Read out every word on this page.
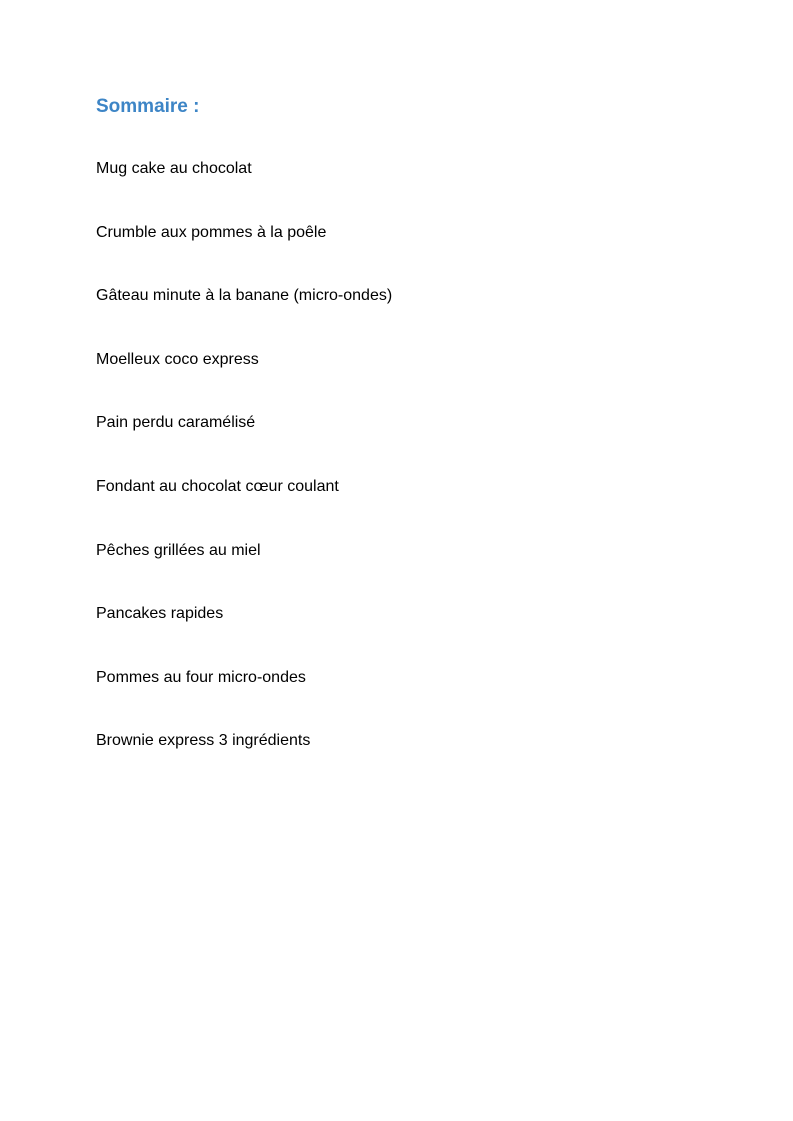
Sommaire :
Mug cake au chocolat
Crumble aux pommes à la poêle
Gâteau minute à la banane (micro-ondes)
Moelleux coco express
Pain perdu caramélisé
Fondant au chocolat cœur coulant
Pêches grillées au miel
Pancakes rapides
Pommes au four micro-ondes
Brownie express 3 ingrédients
